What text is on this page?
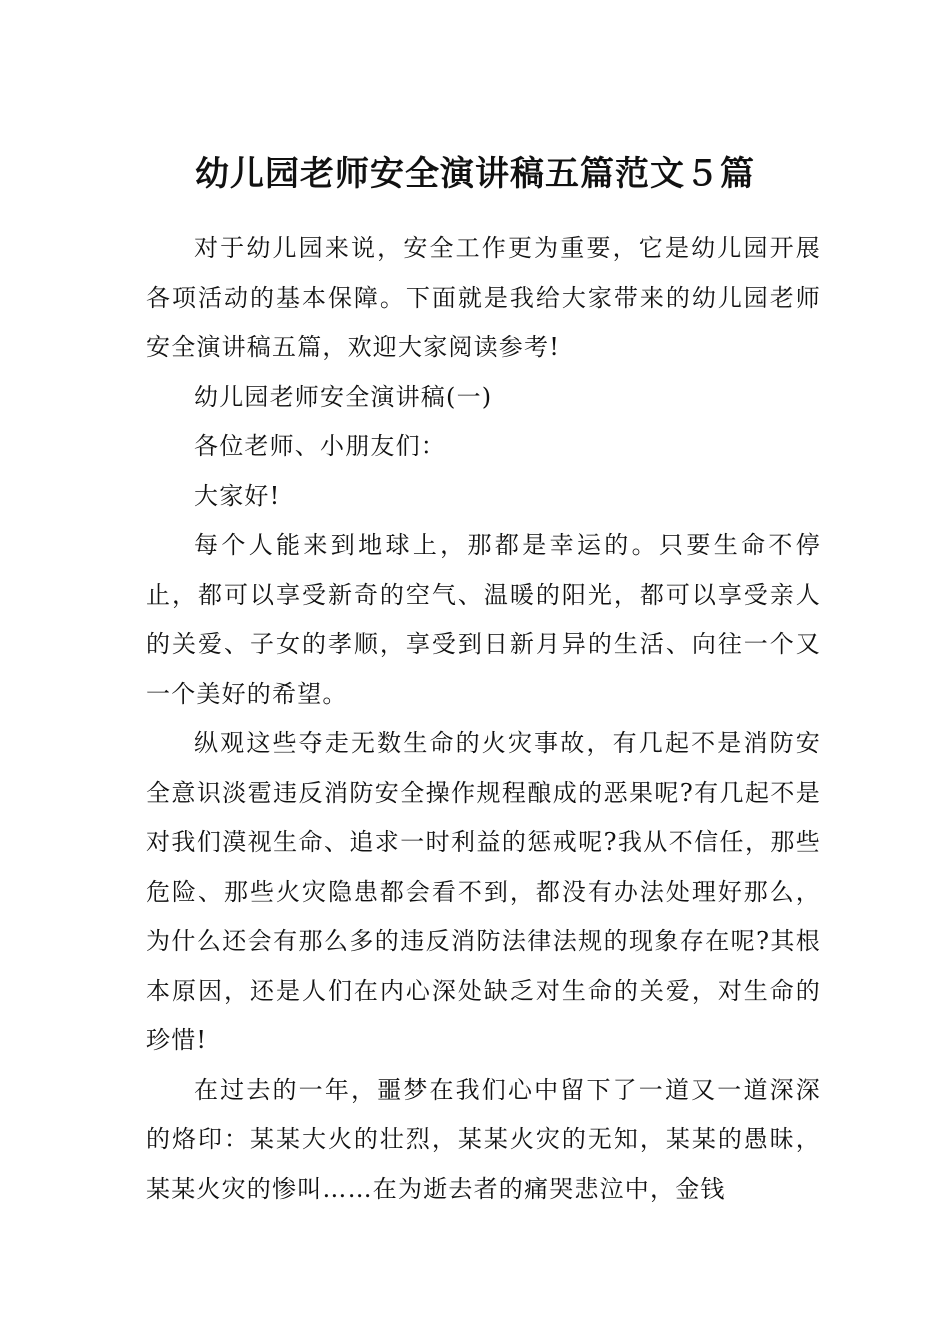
幼儿园老师安全演讲稿五篇范文５篇

对于幼儿园来说，安全工作更为重要，它是幼儿园开展各项活动的基本保障。下面就是我给大家带来的幼儿园老师安全演讲稿五篇，欢迎大家阅读参考!

幼儿园老师安全演讲稿(一)

各位老师、小朋友们：

大家好!

每个人能来到地球上，那都是幸运的。只要生命不停止，都可以享受新奇的空气、温暖的阳光，都可以享受亲人的关爱、子女的孝顺，享受到日新月异的生活、向往一个又一个美好的希望。

纵观这些夺走无数生命的火灾事故，有几起不是消防安全意识淡雹违反消防安全操作规程酿成的恶果呢?有几起不是对我们漠视生命、追求一时利益的惩戒呢?我从不信任，那些危险、那些火灾隐患都会看不到，都没有办法处理好那么，为什么还会有那么多的违反消防法律法规的现象存在呢?其根本原因，还是人们在内心深处缺乏对生命的关爱，对生命的珍惜!

在过去的一年，噩梦在我们心中留下了一道又一道深深的烙印：某某大火的壮烈，某某火灾的无知，某某的愚昧，某某火灾的惨叫……在为逝去者的痛哭悲泣中，金钱
